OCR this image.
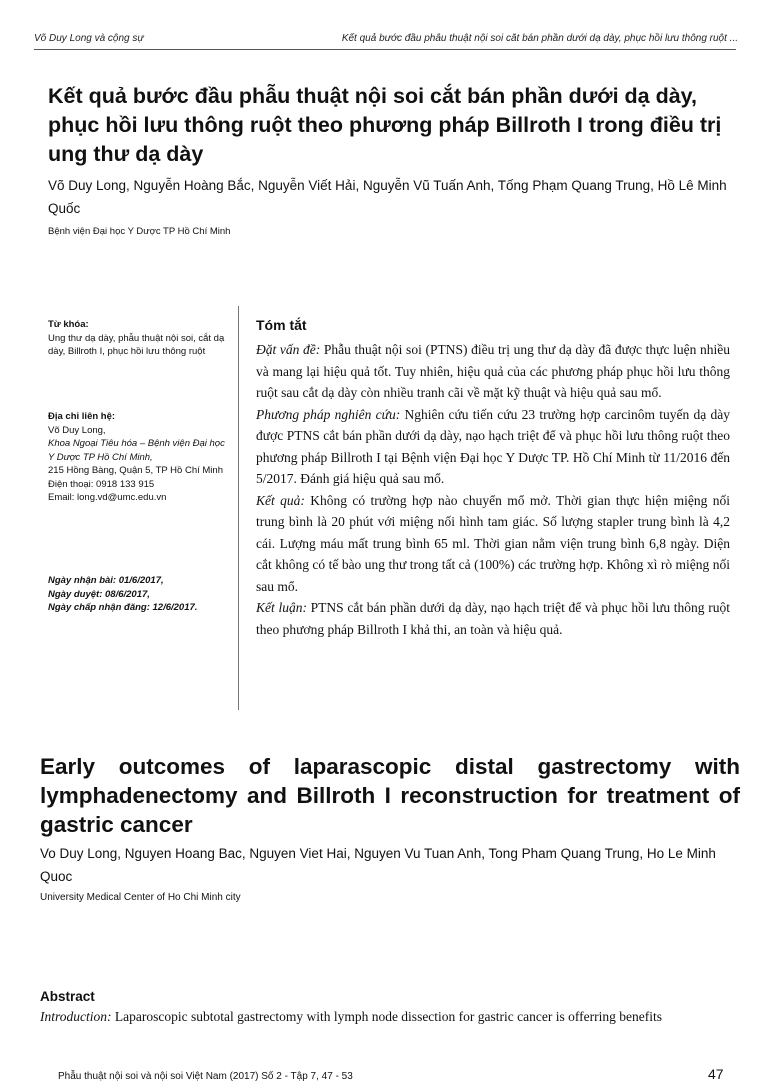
Võ Duy Long và cộng sự	Kết quả bước đầu phẫu thuật nội soi cắt bán phần dưới dạ dày, phục hồi lưu thông ruột ...
Kết quả bước đầu phẫu thuật nội soi cắt bán phần dưới dạ dày, phục hồi lưu thông ruột theo phương pháp Billroth I trong điều trị ung thư dạ dày
Võ Duy Long, Nguyễn Hoàng Bắc, Nguyễn Viết Hải, Nguyễn Vũ Tuấn Anh, Tống Phạm Quang Trung, Hồ Lê Minh Quốc
Bệnh viện Đại học Y Dược TP Hồ Chí Minh
Từ khóa:
Ung thư dạ dày, phẫu thuật nội soi, cắt dạ dày, Billroth I, phục hồi lưu thông ruột
Địa chỉ liên hệ:
Võ Duy Long,
Khoa Ngoại Tiêu hóa – Bệnh viện Đại học Y Dược TP Hồ Chí Minh,
215 Hồng Bàng, Quận 5, TP Hồ Chí Minh
Điện thoại: 0918 133 915
Email: long.vd@umc.edu.vn
Ngày nhận bài: 01/6/2017,
Ngày duyệt: 08/6/2017,
Ngày chấp nhận đăng: 12/6/2017.
Tóm tắt

Đặt vấn đề: Phẫu thuật nội soi (PTNS) điều trị ung thư dạ dày đã được thực luện nhiều và mang lại hiệu quả tốt. Tuy nhiên, hiệu quả của các phương pháp phục hồi lưu thông ruột sau cắt dạ dày còn nhiều tranh cãi về mặt kỹ thuật và hiệu quả sau mổ.

Phương pháp nghiên cứu: Nghiên cứu tiến cứu 23 trường hợp carcinôm tuyến dạ dày được PTNS cắt bán phần dưới dạ dày, nạo hạch triệt để và phục hồi lưu thông ruột theo phương pháp Billroth I tại Bệnh viện Đại học Y Dược TP. Hồ Chí Minh từ 11/2016 đến 5/2017. Đánh giá hiệu quả sau mổ.

Kết quả: Không có trường hợp nào chuyển mổ mở. Thời gian thực hiện miệng nối trung bình là 20 phút với miệng nối hình tam giác. Số lượng stapler trung bình là 4,2 cái. Lượng máu mất trung bình 65 ml. Thời gian nằm viện trung bình 6,8 ngày. Diện cắt không có tế bào ung thư trong tất cả (100%) các trường hợp. Không xì rò miệng nối sau mổ.

Kết luận: PTNS cắt bán phần dưới dạ dày, nạo hạch triệt để và phục hồi lưu thông ruột theo phương pháp Billroth I khả thi, an toàn và hiệu quả.

Early outcomes of laparascopic distal gastrectomy with lymphadenectomy and Billroth I reconstruction for treatment of gastric cancer
Vo Duy Long, Nguyen Hoang Bac, Nguyen Viet Hai, Nguyen Vu Tuan Anh, Tong Pham Quang Trung, Ho Le Minh Quoc
University Medical Center of Ho Chi Minh city
Abstract
Introduction: Laparoscopic subtotal gastrectomy with lymph node dissection for gastric cancer is offerring benefits
Phẫu thuật nội soi và nội soi Việt Nam (2017) Số 2 - Tập 7, 47 - 53	47
